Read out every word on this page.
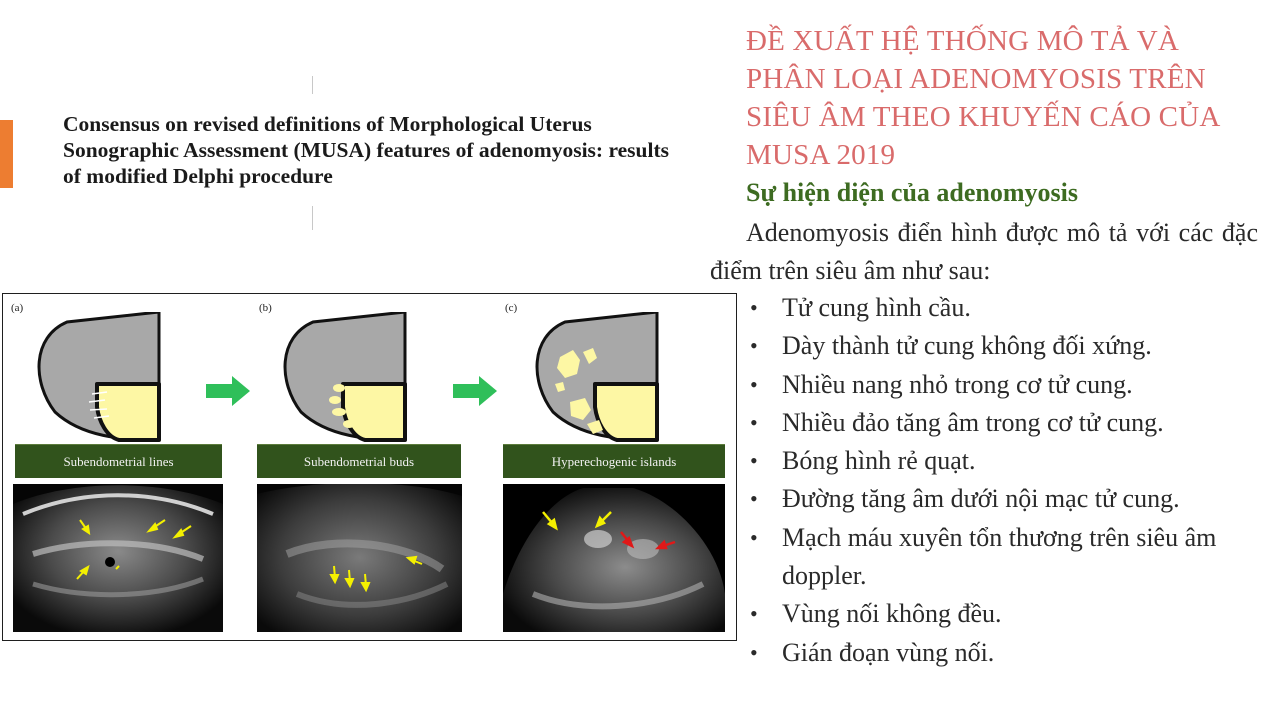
Consensus on revised definitions of Morphological Uterus Sonographic Assessment (MUSA) features of adenomyosis: results of modified Delphi procedure
(a)
Subendometrial lines
(b)
Subendometrial buds
(c)
Hyperechogenic islands
ĐỀ XUẤT HỆ THỐNG MÔ TẢ VÀ PHÂN LOẠI ADENOMYOSIS TRÊN SIÊU ÂM THEO KHUYẾN CÁO CỦA MUSA 2019
Sự hiện diện của adenomyosis
Adenomyosis điển hình được mô tả với các đặc điểm trên siêu âm như sau:
• Tử cung hình cầu.
• Dày thành tử cung không đối xứng.
• Nhiều nang nhỏ trong cơ tử cung.
• Nhiều đảo tăng âm trong cơ tử cung.
• Bóng hình rẻ quạt.
• Đường tăng âm dưới nội mạc tử cung.
• Mạch máu xuyên tổn thương trên siêu âm doppler.
• Vùng nối không đều.
• Gián đoạn vùng nối.
